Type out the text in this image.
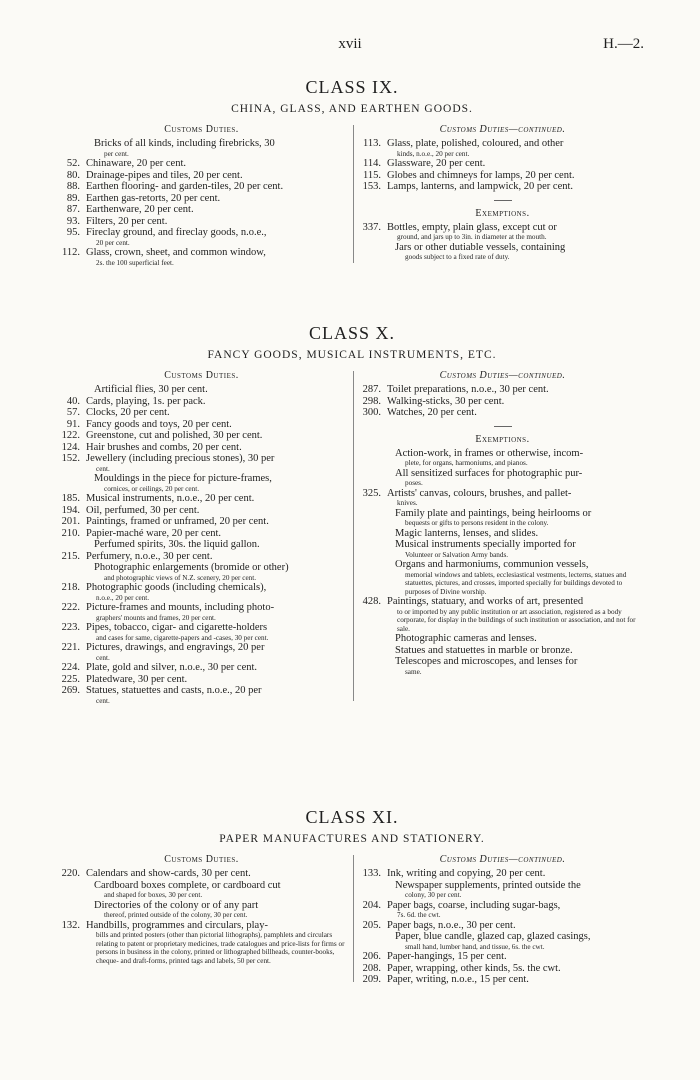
xvii	H.—2.
CLASS IX.
CHINA, GLASS, AND EARTHEN GOODS.
Customs Duties.
Bricks of all kinds, including firebricks, 30
per cent.
52. Chinaware, 20 per cent.
80. Drainage-pipes and tiles, 20 per cent.
88. Earthen flooring- and garden-tiles, 20 per cent.
89. Earthen gas-retorts, 20 per cent.
87. Earthenware, 20 per cent.
93. Filters, 20 per cent.
95. Fireclay ground, and fireclay goods, n.o.e.,
20 per cent.
112. Glass, crown, sheet, and common window,
2s. the 100 superficial feet.
Customs Duties—continued.
113. Glass, plate, polished, coloured, and other
kinds, n.o.e., 20 per cent.
114. Glassware, 20 per cent.
115. Globes and chimneys for lamps, 20 per cent.
153. Lamps, lanterns, and lampwick, 20 per cent.
Exemptions.
337. Bottles, empty, plain glass, except cut or
ground, and jars up to 3in. in diameter at the mouth.
Jars or other dutiable vessels, containing
goods subject to a fixed rate of duty.
CLASS X.
FANCY GOODS, MUSICAL INSTRUMENTS, ETC.
Customs Duties.
Artificial flies, 30 per cent.
40. Cards, playing, 1s. per pack.
57. Clocks, 20 per cent.
91. Fancy goods and toys, 20 per cent.
122. Greenstone, cut and polished, 30 per cent.
124. Hair brushes and combs, 20 per cent.
152. Jewellery (including precious stones), 30 per
cent.
Mouldings in the piece for picture-frames,
cornices, or ceilings, 20 per cent.
185. Musical instruments, n.o.e., 20 per cent.
194. Oil, perfumed, 30 per cent.
201. Paintings, framed or unframed, 20 per cent.
210. Papier-maché ware, 20 per cent.
Perfumed spirits, 30s. the liquid gallon.
215. Perfumery, n.o.e., 30 per cent.
Photographic enlargements (bromide or other)
and photographic views of N.Z. scenery, 20 per cent.
218. Photographic goods (including chemicals),
n.o.e., 20 per cent.
222. Picture-frames and mounts, including photo-
graphers' mounts and frames, 20 per cent.
223. Pipes, tobacco, cigar- and cigarette-holders
and cases for same, cigarette-papers and -cases, 30 per cent.
221. Pictures, drawings, and engravings, 20 per
cent.
224. Plate, gold and silver, n.o.e., 30 per cent.
225. Platedware, 30 per cent.
269. Statues, statuettes and casts, n.o.e., 20 per
cent.
Customs Duties—continued.
287. Toilet preparations, n.o.e., 30 per cent.
298. Walking-sticks, 30 per cent.
300. Watches, 20 per cent.
Exemptions.
Action-work, in frames or otherwise, incom-
plete, for organs, harmoniums, and pianos.
All sensitized surfaces for photographic pur-
poses.
325. Artists' canvas, colours, brushes, and pallet-
knives.
Family plate and paintings, being heirlooms or
bequests or gifts to persons resident in the colony.
Magic lanterns, lenses, and slides.
Musical instruments specially imported for
Volunteer or Salvation Army bands.
Organs and harmoniums, communion vessels,
memorial windows and tablets, ecclesiastical vestments, lecterns, statues and statuettes, pictures, and crosses, imported specially for buildings devoted to purposes of Divine worship.
428. Paintings, statuary, and works of art, presented
to or imported by any public institution or art association, registered as a body corporate, for display in the buildings of such institution or association, and not for sale.
Photographic cameras and lenses.
Statues and statuettes in marble or bronze.
Telescopes and microscopes, and lenses for
same.
CLASS XI.
PAPER MANUFACTURES AND STATIONERY.
Customs Duties.
220. Calendars and show-cards, 30 per cent.
Cardboard boxes complete, or cardboard cut
and shaped for boxes, 30 per cent.
Directories of the colony or of any part
thereof, printed outside of the colony, 30 per cent.
132. Handbills, programmes and circulars, play-
bills and printed posters (other than pictorial lithographs), pamphlets and circulars relating to patent or proprietary medicines, trade catalogues and price-lists for firms or persons in business in the colony, printed or lithographed billheads, counter-books, cheque- and draft-forms, printed tags and labels, 50 per cent.
Customs Duties—continued.
133. Ink, writing and copying, 20 per cent.
Newspaper supplements, printed outside the
colony, 30 per cent.
204. Paper bags, coarse, including sugar-bags,
7s. 6d. the cwt.
205. Paper bags, n.o.e., 30 per cent.
Paper, blue candle, glazed cap, glazed casings,
small hand, lumber hand, and tissue, 6s. the cwt.
206. Paper-hangings, 15 per cent.
208. Paper, wrapping, other kinds, 5s. the cwt.
209. Paper, writing, n.o.e., 15 per cent.
